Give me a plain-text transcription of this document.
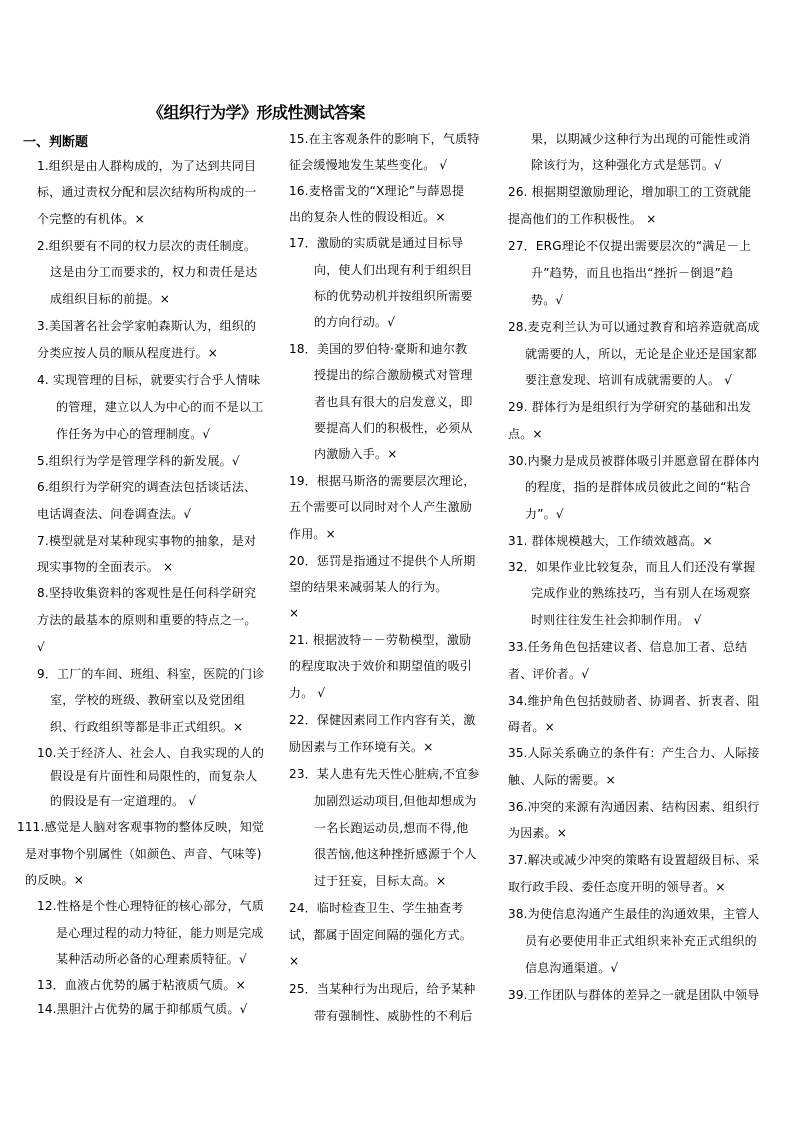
《组织行为学》形成性测试答案
一、判断题
1.组织是由人群构成的，为了达到共同目
标，通过责权分配和层次结构所构成的一
个完整的有机体。×
2.组织要有不同的权力层次的责任制度。
这是由分工而要求的，权力和责任是达
成组织目标的前提。×
3.美国著名社会学家帕森斯认为，组织的
分类应按人员的顺从程度进行。×
4. 实现管理的目标，就要实行合乎人情味
的管理，建立以人为中心的而不是以工
作任务为中心的管理制度。√
5.组织行为学是管理学科的新发展。√
6.组织行为学研究的调查法包括谈话法、
电话调查法、问卷调查法。√
7.模型就是对某种现实事物的抽象，是对
现实事物的全面表示。 ×
8.坚持收集资料的客观性是任何科学研究
方法的最基本的原则和重要的特点之一。
√
9．工厂的车间、班组、科室，医院的门诊
室，学校的班级、教研室以及党团组
织、行政组织等都是非正式组织。×
10.关于经济人、社会人、自我实现的人的
假设是有片面性和局限性的，而复杂人
的假设是有一定道理的。 √
111.感觉是人脑对客观事物的整体反映，知觉
是对事物个别属性（如颜色、声音、气味等)
的反映。×
12.性格是个性心理特征的核心部分，气质
是心理过程的动力特征，能力则是完成
某种活动所必备的心理素质特征。√
13．血液占优势的属于粘液质气质。×
14.黑胆汁占优势的属于抑郁质气质。√
15.在主客观条件的影响下，气质特
征会缓慢地发生某些变化。 √
16.麦格雷戈的“X理论”与薛恩提
出的复杂人性的假设相近。×
17．激励的实质就是通过目标导
向，使人们出现有利于组织目
标的优势动机并按组织所需要
的方向行动。√
18．美国的罗伯特·豪斯和迪尔教
授提出的综合激励模式对管理
者也具有很大的启发意义，即
要提高人们的积极性，必须从
内激励入手。×
19．根据马斯洛的需要层次理论，
五个需要可以同时对个人产生激励
作用。×
20．惩罚是指通过不提供个人所期
望的结果来减弱某人的行为。
×
21. 根据波特－－劳勒模型，激励
的程度取决于效价和期望值的吸引
力。 √
22．保健因素同工作内容有关，激
励因素与工作环境有关。×
23．某人患有先天性心脏病,不宜参
加剧烈运动项目,但他却想成为
一名长跑运动员,想而不得,他
很苦恼,他这种挫折感源于个人
过于狂妄，目标太高。×
24．临时检查卫生、学生抽查考
试，都属于固定间隔的强化方式。
×
25．当某种行为出现后，给予某种
带有强制性、威胁性的不利后
果，以期减少这种行为出现的可能性或消
除该行为，这种强化方式是惩罚。√
26. 根据期望激励理论，增加职工的工资就能
提高他们的工作积极性。 ×
27．ERG理论不仅提出需要层次的“满足－上
升”趋势，而且也指出“挫折－倒退”趋
势。√
28.麦克利兰认为可以通过教育和培养造就高成
就需要的人，所以，无论是企业还是国家都
要注意发现、培训有成就需要的人。 √
29. 群体行为是组织行为学研究的基础和出发
点。×
30.内聚力是成员被群体吸引并愿意留在群体内
的程度，指的是群体成员彼此之间的“粘合
力”。√
31. 群体规模越大，工作绩效越高。×
32．如果作业比较复杂，而且人们还没有掌握
完成作业的熟练技巧，当有别人在场观察
时则往往发生社会抑制作用。 √
33.任务角色包括建议者、信息加工者、总结
者、评价者。√
34.维护角色包括鼓励者、协调者、折衷者、阻
碍者。×
35.人际关系确立的条件有：产生合力、人际接
触、人际的需要。×
36.冲突的来源有沟通因素、结构因素、组织行
为因素。×
37.解决或减少冲突的策略有设置超级目标、采
取行政手段、委任态度开明的领导者。×
38.为使信息沟通产生最佳的沟通效果，主管人
员有必要使用非正式组织来补充正式组织的
信息沟通渠道。√
39.工作团队与群体的差异之一就是团队中领导
